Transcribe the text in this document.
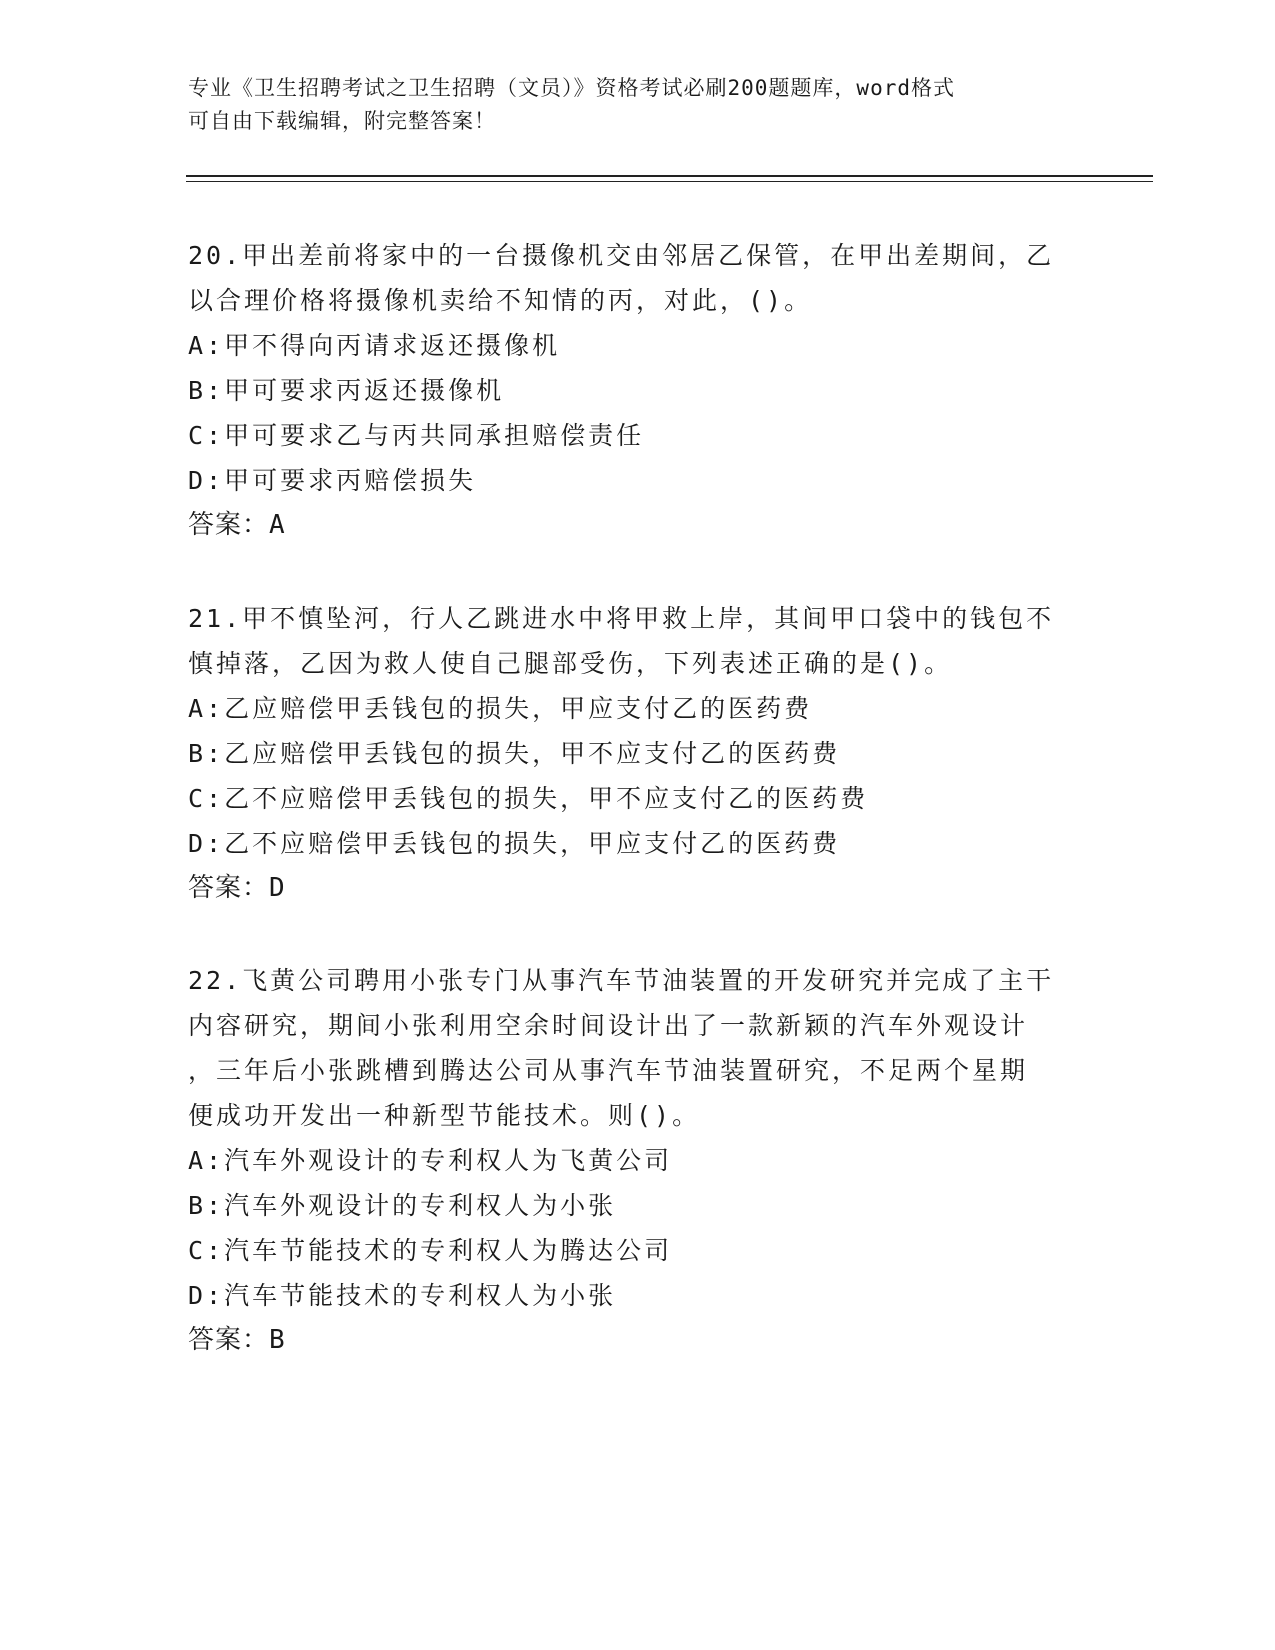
专业《卫生招聘考试之卫生招聘（文员）》资格考试必刷200题题库，word格式
可自由下载编辑，附完整答案！
20.甲出差前将家中的一台摄像机交由邻居乙保管，在甲出差期间，乙
以合理价格将摄像机卖给不知情的丙，对此，()。
A:甲不得向丙请求返还摄像机
B:甲可要求丙返还摄像机
C:甲可要求乙与丙共同承担赔偿责任
D:甲可要求丙赔偿损失
答案：A
21.甲不慎坠河，行人乙跳进水中将甲救上岸，其间甲口袋中的钱包不
慎掉落，乙因为救人使自己腿部受伤，下列表述正确的是()。
A:乙应赔偿甲丢钱包的损失，甲应支付乙的医药费
B:乙应赔偿甲丢钱包的损失，甲不应支付乙的医药费
C:乙不应赔偿甲丢钱包的损失，甲不应支付乙的医药费
D:乙不应赔偿甲丢钱包的损失，甲应支付乙的医药费
答案：D
22.飞黄公司聘用小张专门从事汽车节油装置的开发研究并完成了主干
内容研究，期间小张利用空余时间设计出了一款新颖的汽车外观设计
，三年后小张跳槽到腾达公司从事汽车节油装置研究，不足两个星期
便成功开发出一种新型节能技术。则()。
A:汽车外观设计的专利权人为飞黄公司
B:汽车外观设计的专利权人为小张
C:汽车节能技术的专利权人为腾达公司
D:汽车节能技术的专利权人为小张
答案：B
